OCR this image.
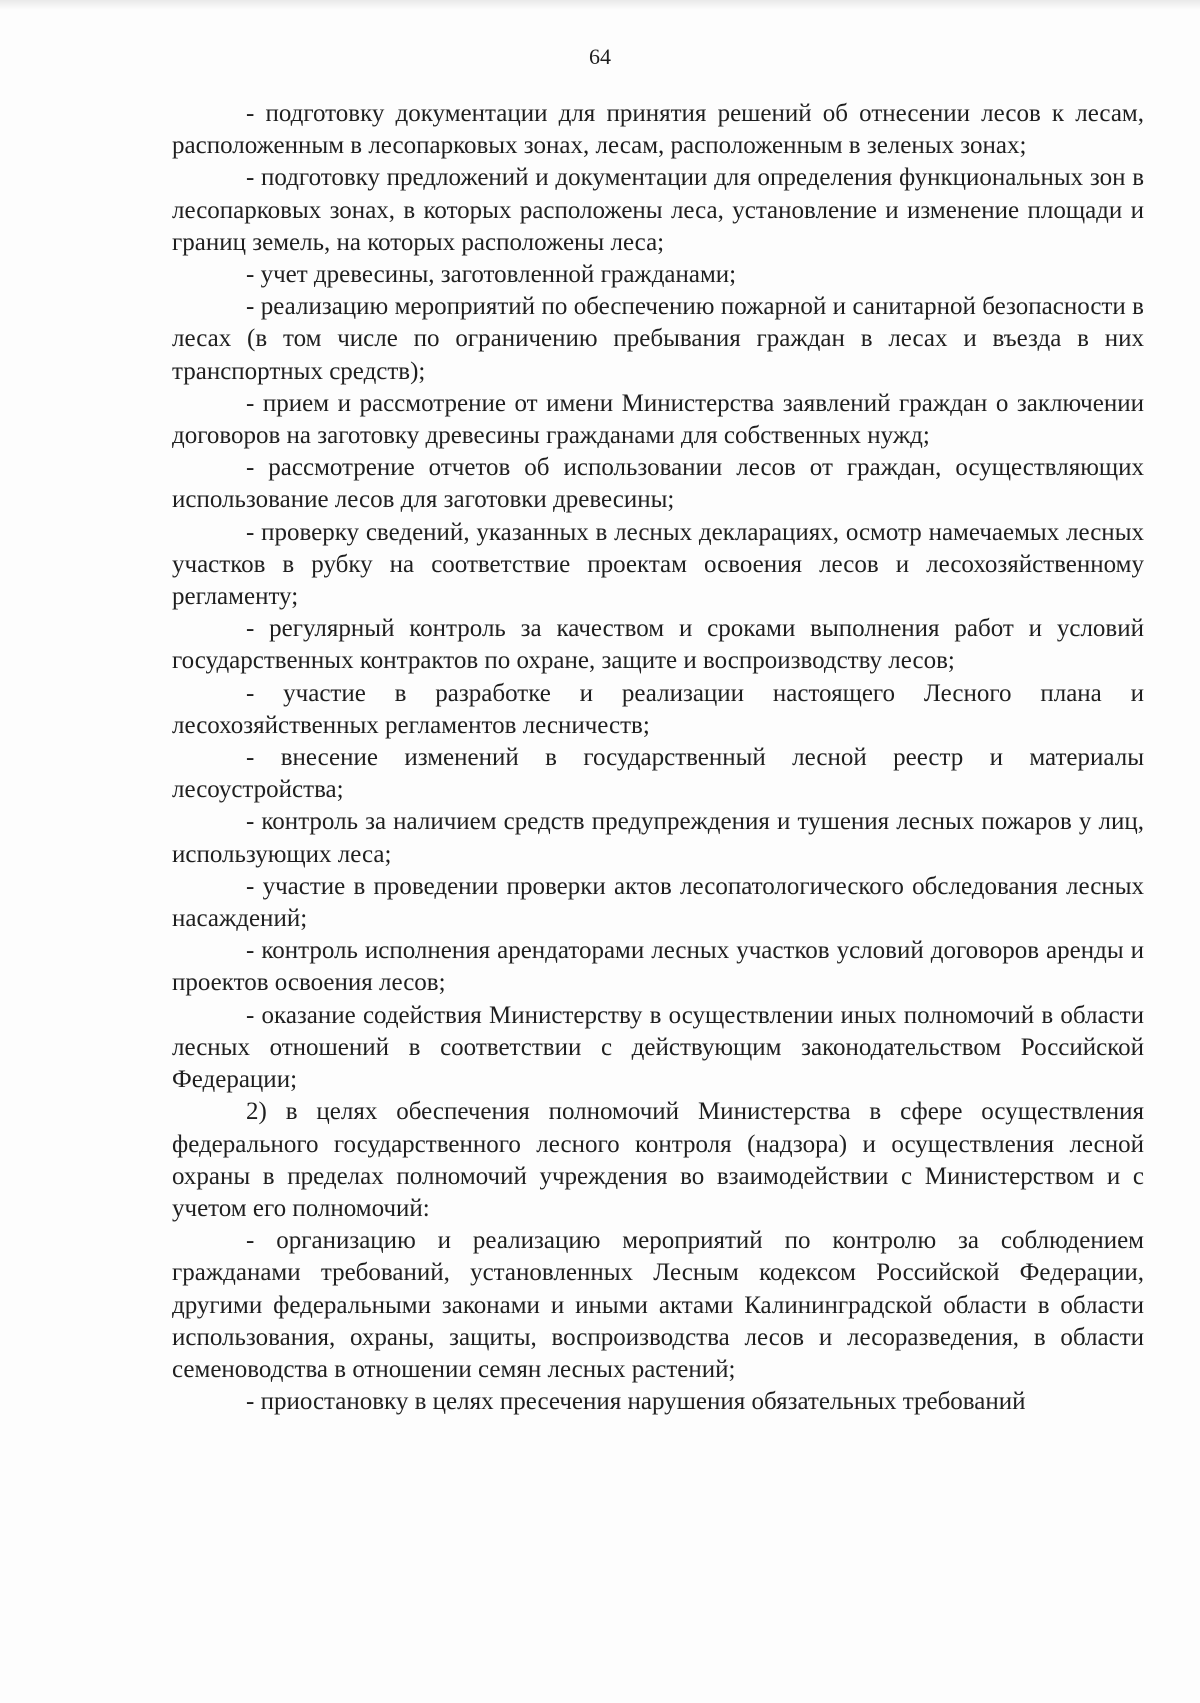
64

- подготовку документации для принятия решений об отнесении лесов к лесам, расположенным в лесопарковых зонах, лесам, расположенным в зеленых зонах;

- подготовку предложений и документации для определения функциональных зон в лесопарковых зонах, в которых расположены леса, установление и изменение площади и границ земель, на которых расположены леса;

- учет древесины, заготовленной гражданами;

- реализацию мероприятий по обеспечению пожарной и санитарной безопасности в лесах (в том числе по ограничению пребывания граждан в лесах и въезда в них транспортных средств);

- прием и рассмотрение от имени Министерства заявлений граждан о заключении договоров на заготовку древесины гражданами для собственных нужд;

- рассмотрение отчетов об использовании лесов от граждан, осуществляющих использование лесов для заготовки древесины;

- проверку сведений, указанных в лесных декларациях, осмотр намечаемых лесных участков в рубку на соответствие проектам освоения лесов и лесохозяйственному регламенту;

- регулярный контроль за качеством и сроками выполнения работ и условий государственных контрактов по охране, защите и воспроизводству лесов;

- участие в разработке и реализации настоящего Лесного плана и лесохозяйственных регламентов лесничеств;

- внесение изменений в государственный лесной реестр и материалы лесоустройства;

- контроль за наличием средств предупреждения и тушения лесных пожаров у лиц, использующих леса;

- участие в проведении проверки актов лесопатологического обследования лесных насаждений;

- контроль исполнения арендаторами лесных участков условий договоров аренды и проектов освоения лесов;

- оказание содействия Министерству в осуществлении иных полномочий в области лесных отношений в соответствии с действующим законодательством Российской Федерации;

2) в целях обеспечения полномочий Министерства в сфере осуществления федерального государственного лесного контроля (надзора) и осуществления лесной охраны в пределах полномочий учреждения во взаимодействии с Министерством и с учетом его полномочий:

- организацию и реализацию мероприятий по контролю за соблюдением гражданами требований, установленных Лесным кодексом Российской Федерации, другими федеральными законами и иными актами Калининградской области в области использования, охраны, защиты, воспроизводства лесов и лесоразведения, в области семеноводства в отношении семян лесных растений;

- приостановку в целях пресечения нарушения обязательных требований
